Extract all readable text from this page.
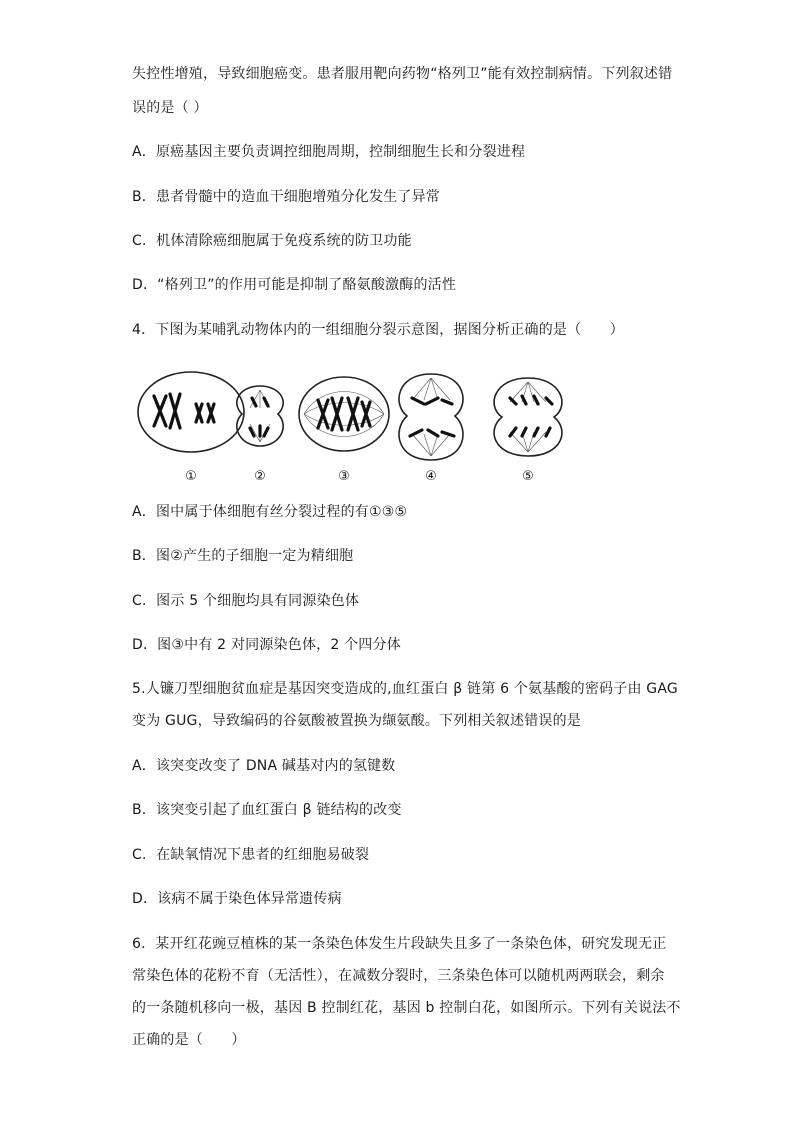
失控性增殖，导致细胞癌变。患者服用靶向药物“格列卫”能有效控制病情。下列叙述错
误的是（ ）
A．原癌基因主要负责调控细胞周期，控制细胞生长和分裂进程
B．患者骨髓中的造血干细胞增殖分化发生了异常
C．机体清除癌细胞属于免疫系统的防卫功能
D．“格列卫”的作用可能是抑制了酪氨酸激酶的活性
4．下图为某哺乳动物体内的一组细胞分裂示意图，据图分析正确的是（　　）
①	②	③	④	⑤
A．图中属于体细胞有丝分裂过程的有①③⑤
B．图②产生的子细胞一定为精细胞
C．图示 5 个细胞均具有同源染色体
D．图③中有 2 对同源染色体，2 个四分体
5.人镰刀型细胞贫血症是基因突变造成的,血红蛋白 β 链第 6 个氨基酸的密码子由 GAG
变为 GUG，导致编码的谷氨酸被置换为缬氨酸。下列相关叙述错误的是
A．该突变改变了 DNA 碱基对内的氢键数
B．该突变引起了血红蛋白 β 链结构的改变
C．在缺氧情况下患者的红细胞易破裂
D．该病不属于染色体异常遗传病
6．某开红花豌豆植株的某一条染色体发生片段缺失且多了一条染色体，研究发现无正
常染色体的花粉不育（无活性），在减数分裂时，三条染色体可以随机两两联会，剩余
的一条随机移向一极，基因 B 控制红花，基因 b 控制白花，如图所示。下列有关说法不
正确的是（　　）
